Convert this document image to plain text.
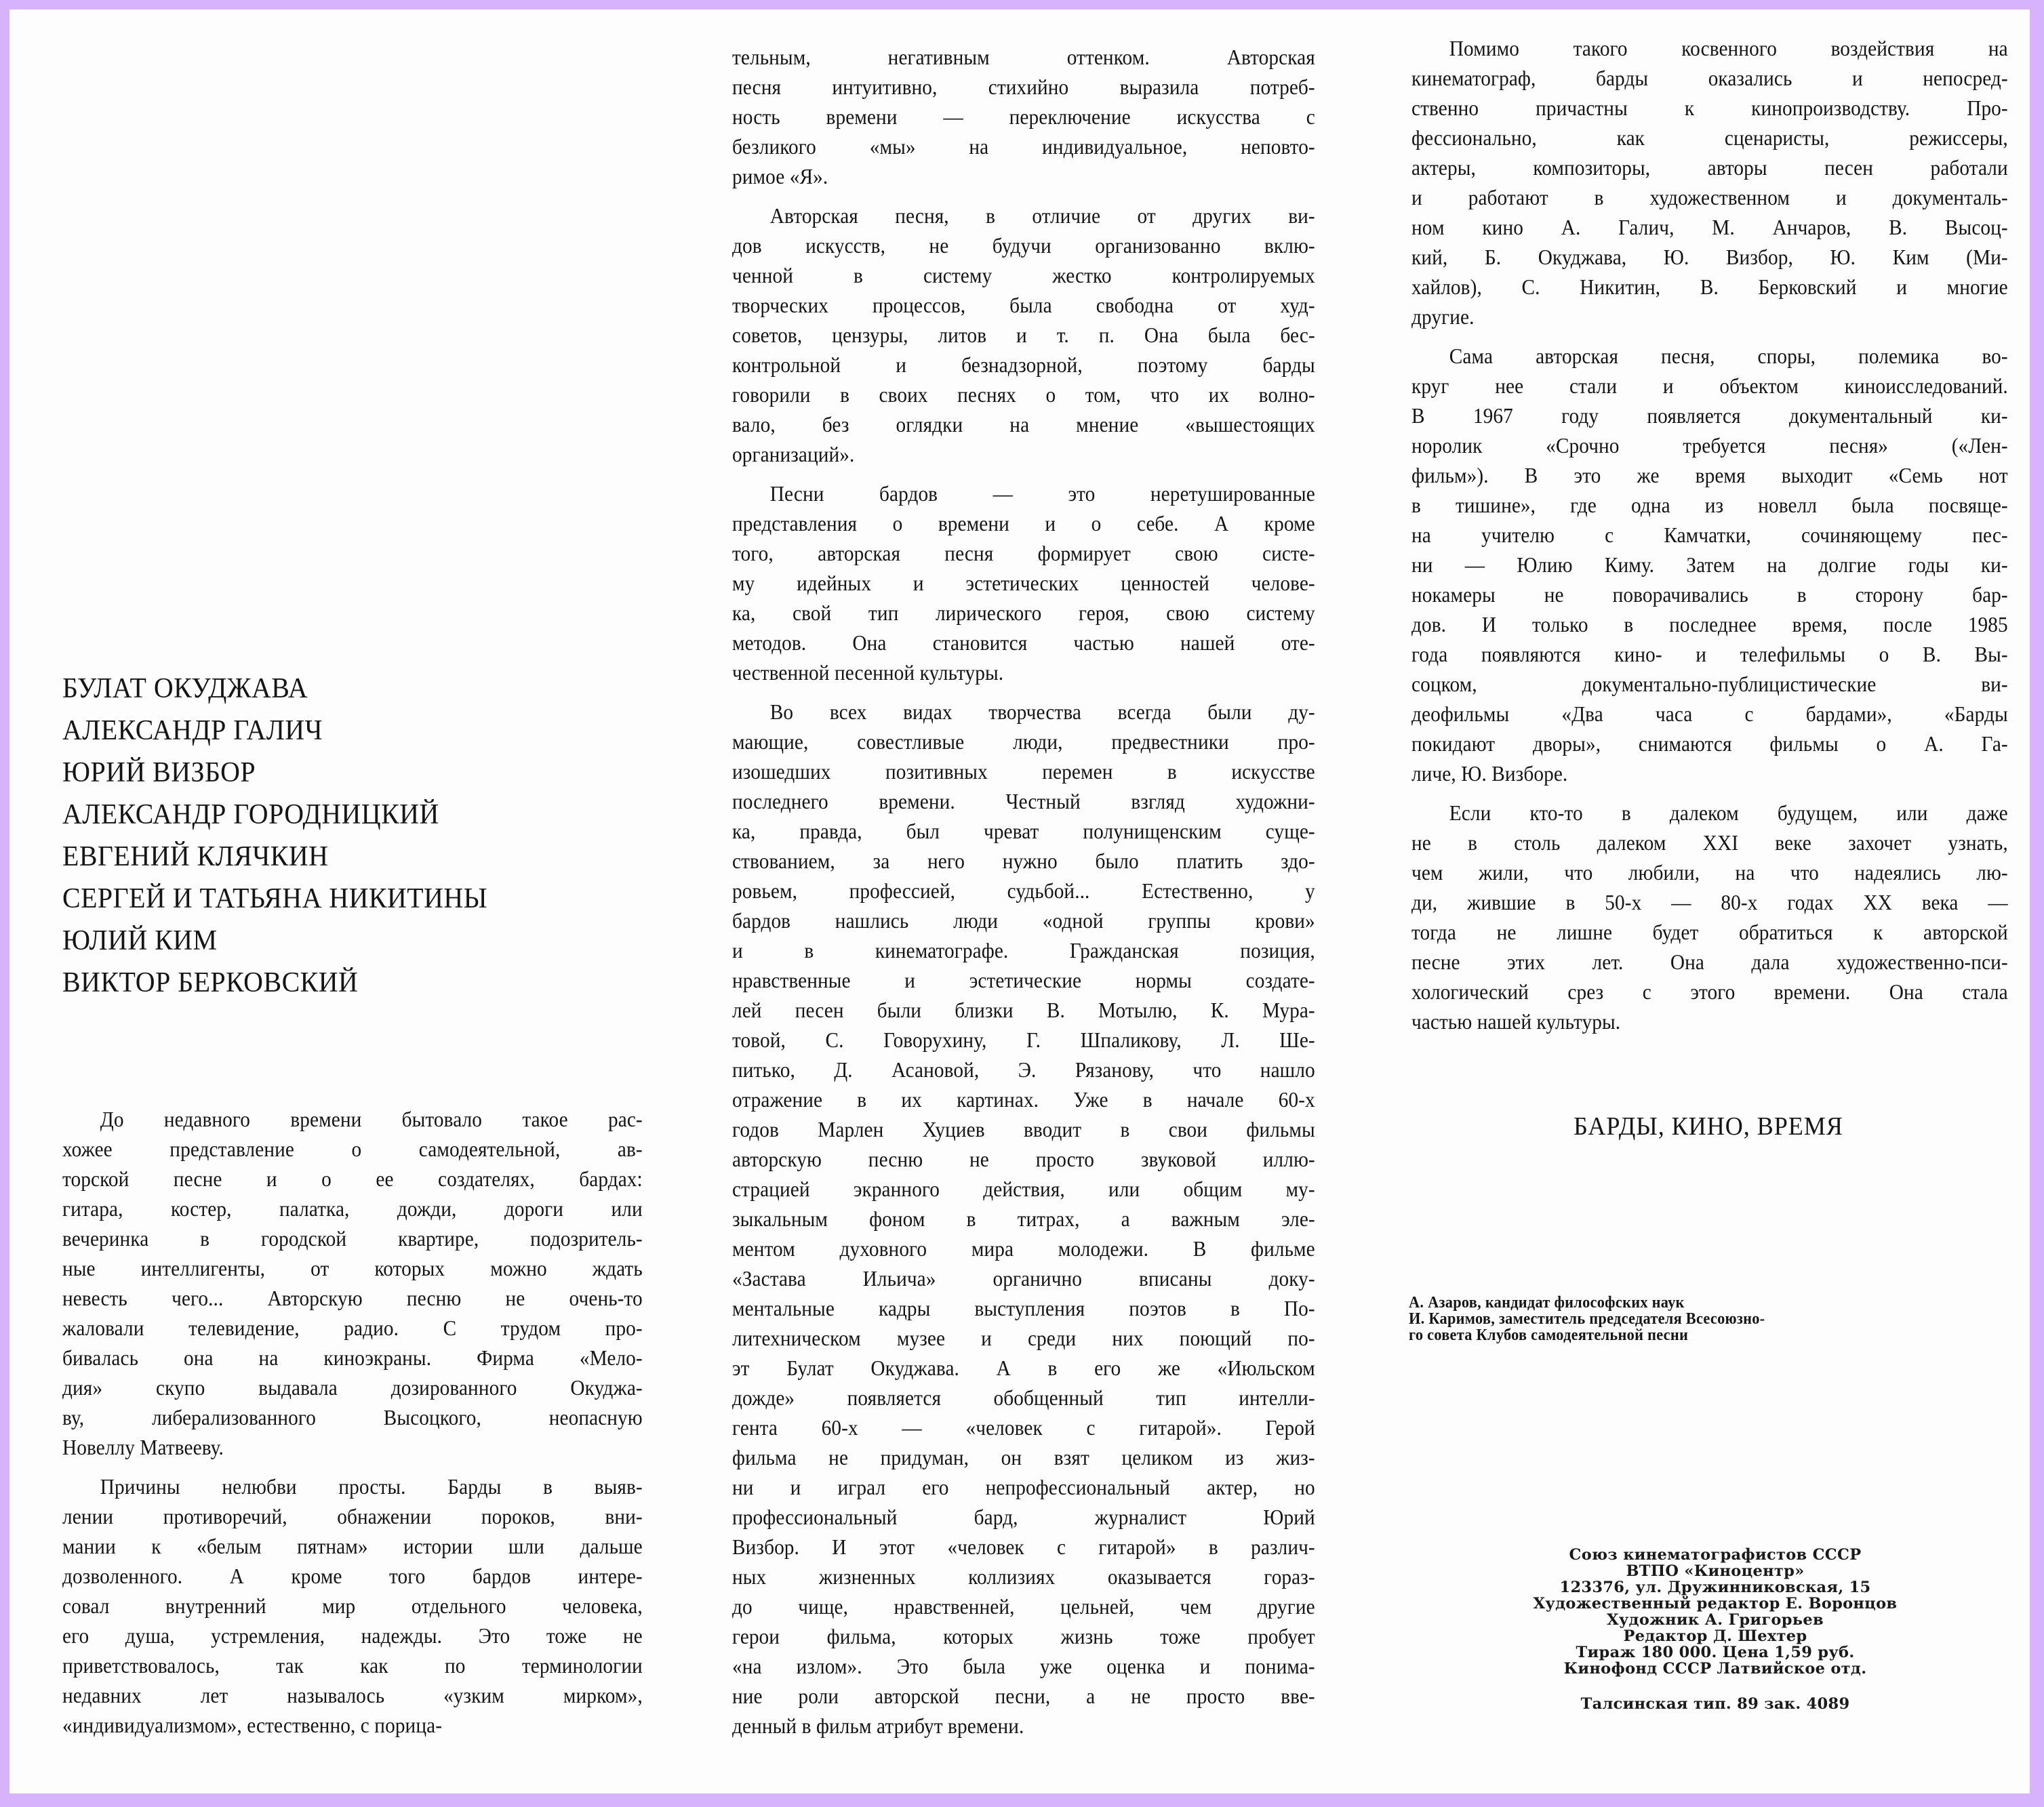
БУЛАТ ОКУДЖАВА
АЛЕКСАНДР ГАЛИЧ
ЮРИЙ ВИЗБОР
АЛЕКСАНДР ГОРОДНИЦКИЙ
ЕВГЕНИЙ КЛЯЧКИН
СЕРГЕЙ И ТАТЬЯНА НИКИТИНЫ
ЮЛИЙ КИМ
ВИКТОР БЕРКОВСКИЙ
До недавного времени бытовало такое рас-
хожее представление о самодеятельной, ав-
торской песне и о ее создателях, бардах:
гитара, костер, палатка, дожди, дороги или
вечеринка в городской квартире, подозритель-
ные интеллигенты, от которых можно ждать
невесть чего... Авторскую песню не очень-то
жаловали телевидение, радио. С трудом про-
бивалась она на киноэкраны. Фирма «Мело-
дия» скупо выдавала дозированного Окуджа-
ву, либерализованного Высоцкого, неопасную
Новеллу Матвееву.
Причины нелюбви просты. Барды в выяв-
лении противоречий, обнажении пороков, вни-
мании к «белым пятнам» истории шли дальше
дозволенного. А кроме того бардов интере-
совал внутренний мир отдельного человека,
его душа, устремления, надежды. Это тоже не
приветствовалось, так как по терминологии
недавних лет называлось «узким мирком»,
«индивидуализмом», естественно, с порица-
тельным, негативным оттенком. Авторская
песня интуитивно, стихийно выразила потреб-
ность времени — переключение искусства с
безликого «мы» на индивидуальное, неповто-
римое «Я».
Авторская песня, в отличие от других ви-
дов искусств, не будучи организованно вклю-
ченной в систему жестко контролируемых
творческих процессов, была свободна от худ-
советов, цензуры, литов и т. п. Она была бес-
контрольной и безнадзорной, поэтому барды
говорили в своих песнях о том, что их волно-
вало, без оглядки на мнение «вышестоящих
организаций».
Песни бардов — это неретушированные
представления о времени и о себе. А кроме
того, авторская песня формирует свою систе-
му идейных и эстетических ценностей челове-
ка, свой тип лирического героя, свою систему
методов. Она становится частью нашей оте-
чественной песенной культуры.
Во всех видах творчества всегда были ду-
мающие, совестливые люди, предвестники про-
изошедших позитивных перемен в искусстве
последнего времени. Честный взгляд художни-
ка, правда, был чреват полунищенским суще-
ствованием, за него нужно было платить здо-
ровьем, профессией, судьбой... Естественно, у
бардов нашлись люди «одной группы крови»
и в кинематографе. Гражданская позиция,
нравственные и эстетические нормы создате-
лей песен были близки В. Мотылю, К. Мура-
товой, С. Говорухину, Г. Шпаликову, Л. Ше-
питько, Д. Асановой, Э. Рязанову, что нашло
отражение в их картинах. Уже в начале 60-х
годов Марлен Хуциев вводит в свои фильмы
авторскую песню не просто звуковой иллю-
страцией экранного действия, или общим му-
зыкальным фоном в титрах, а важным эле-
ментом духовного мира молодежи. В фильме
«Застава Ильича» органично вписаны доку-
ментальные кадры выступления поэтов в По-
литехническом музее и среди них поющий по-
эт Булат Окуджава. А в его же «Июльском
дожде» появляется обобщенный тип интелли-
гента 60-х — «человек с гитарой». Герой
фильма не придуман, он взят целиком из жиз-
ни и играл его непрофессиональный актер, но
профессиональный бард, журналист Юрий
Визбор. И этот «человек с гитарой» в различ-
ных жизненных коллизиях оказывается гораз-
до чище, нравственней, цельней, чем другие
герои фильма, которых жизнь тоже пробует
«на излом». Это была уже оценка и понима-
ние роли авторской песни, а не просто вве-
денный в фильм атрибут времени.
Помимо такого косвенного воздействия на
кинематограф, барды оказались и непосред-
ственно причастны к кинопроизводству. Про-
фессионально, как сценаристы, режиссеры,
актеры, композиторы, авторы песен работали
и работают в художественном и документаль-
ном кино А. Галич, М. Анчаров, В. Высоц-
кий, Б. Окуджава, Ю. Визбор, Ю. Ким (Ми-
хайлов), С. Никитин, В. Берковский и многие
другие.
Сама авторская песня, споры, полемика во-
круг нее стали и объектом киноисследований.
В 1967 году появляется документальный ки-
норолик «Срочно требуется песня» («Лен-
фильм»). В это же время выходит «Семь нот
в тишине», где одна из новелл была посвяще-
на учителю с Камчатки, сочиняющему пес-
ни — Юлию Киму. Затем на долгие годы ки-
нокамеры не поворачивались в сторону бар-
дов. И только в последнее время, после 1985
года появляются кино- и телефильмы о В. Вы-
соцком, документально-публицистические ви-
деофильмы «Два часа с бардами», «Барды
покидают дворы», снимаются фильмы о А. Га-
личе, Ю. Визборе.
Если кто-то в далеком будущем, или даже
не в столь далеком XXI веке захочет узнать,
чем жили, что любили, на что надеялись лю-
ди, жившие в 50-х — 80-х годах XX века —
тогда не лишне будет обратиться к авторской
песне этих лет. Она дала художественно-пси-
хологический срез с этого времени. Она стала
частью нашей культуры.
БАРДЫ, КИНО, ВРЕМЯ
А. Азаров, кандидат философских наук
И. Каримов, заместитель председателя Всесоюзно-
го совета Клубов самодеятельной песни
Союз кинематографистов СССР
ВТПО «Киноцентр»
123376, ул. Дружинниковская, 15
Художественный редактор Е. Воронцов
Художник А. Григорьев
Редактор Д. Шехтер
Тираж 180 000. Цена 1,59 руб.
Кинофонд СССР Латвийское отд.
Талсинская тип. 89 зак. 4089
